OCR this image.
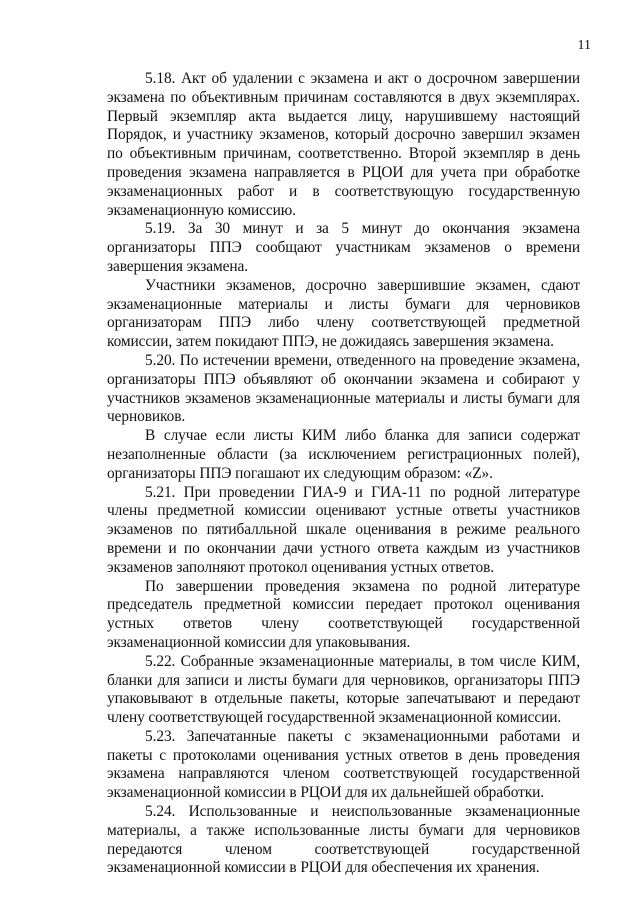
11

5.18. Акт об удалении с экзамена и акт о досрочном завершении экзамена по объективным причинам составляются в двух экземплярах. Первый экземпляр акта выдается лицу, нарушившему настоящий Порядок, и участнику экзаменов, который досрочно завершил экзамен по объективным причинам, соответственно. Второй экземпляр в день проведения экзамена направляется в РЦОИ для учета при обработке экзаменационных работ и в соответствующую государственную экзаменационную комиссию.

5.19. За 30 минут и за 5 минут до окончания экзамена организаторы ППЭ сообщают участникам экзаменов о времени завершения экзамена.

Участники экзаменов, досрочно завершившие экзамен, сдают экзаменационные материалы и листы бумаги для черновиков организаторам ППЭ либо члену соответствующей предметной комиссии, затем покидают ППЭ, не дожидаясь завершения экзамена.

5.20. По истечении времени, отведенного на проведение экзамена, организаторы ППЭ объявляют об окончании экзамена и собирают у участников экзаменов экзаменационные материалы и листы бумаги для черновиков.

В случае если листы КИМ либо бланка для записи содержат незаполненные области (за исключением регистрационных полей), организаторы ППЭ погашают их следующим образом: «Z».

5.21. При проведении ГИА-9 и ГИА-11 по родной литературе члены предметной комиссии оценивают устные ответы участников экзаменов по пятибалльной шкале оценивания в режиме реального времени и по окончании дачи устного ответа каждым из участников экзаменов заполняют протокол оценивания устных ответов.

По завершении проведения экзамена по родной литературе председатель предметной комиссии передает протокол оценивания устных ответов члену соответствующей государственной экзаменационной комиссии для упаковывания.

5.22. Собранные экзаменационные материалы, в том числе КИМ, бланки для записи и листы бумаги для черновиков, организаторы ППЭ упаковывают в отдельные пакеты, которые запечатывают и передают члену соответствующей государственной экзаменационной комиссии.

5.23. Запечатанные пакеты с экзаменационными работами и пакеты с протоколами оценивания устных ответов в день проведения экзамена направляются членом соответствующей государственной экзаменационной комиссии в РЦОИ для их дальнейшей обработки.

5.24. Использованные и неиспользованные экзаменационные материалы, а также использованные листы бумаги для черновиков передаются членом соответствующей государственной экзаменационной комиссии в РЦОИ для обеспечения их хранения.
